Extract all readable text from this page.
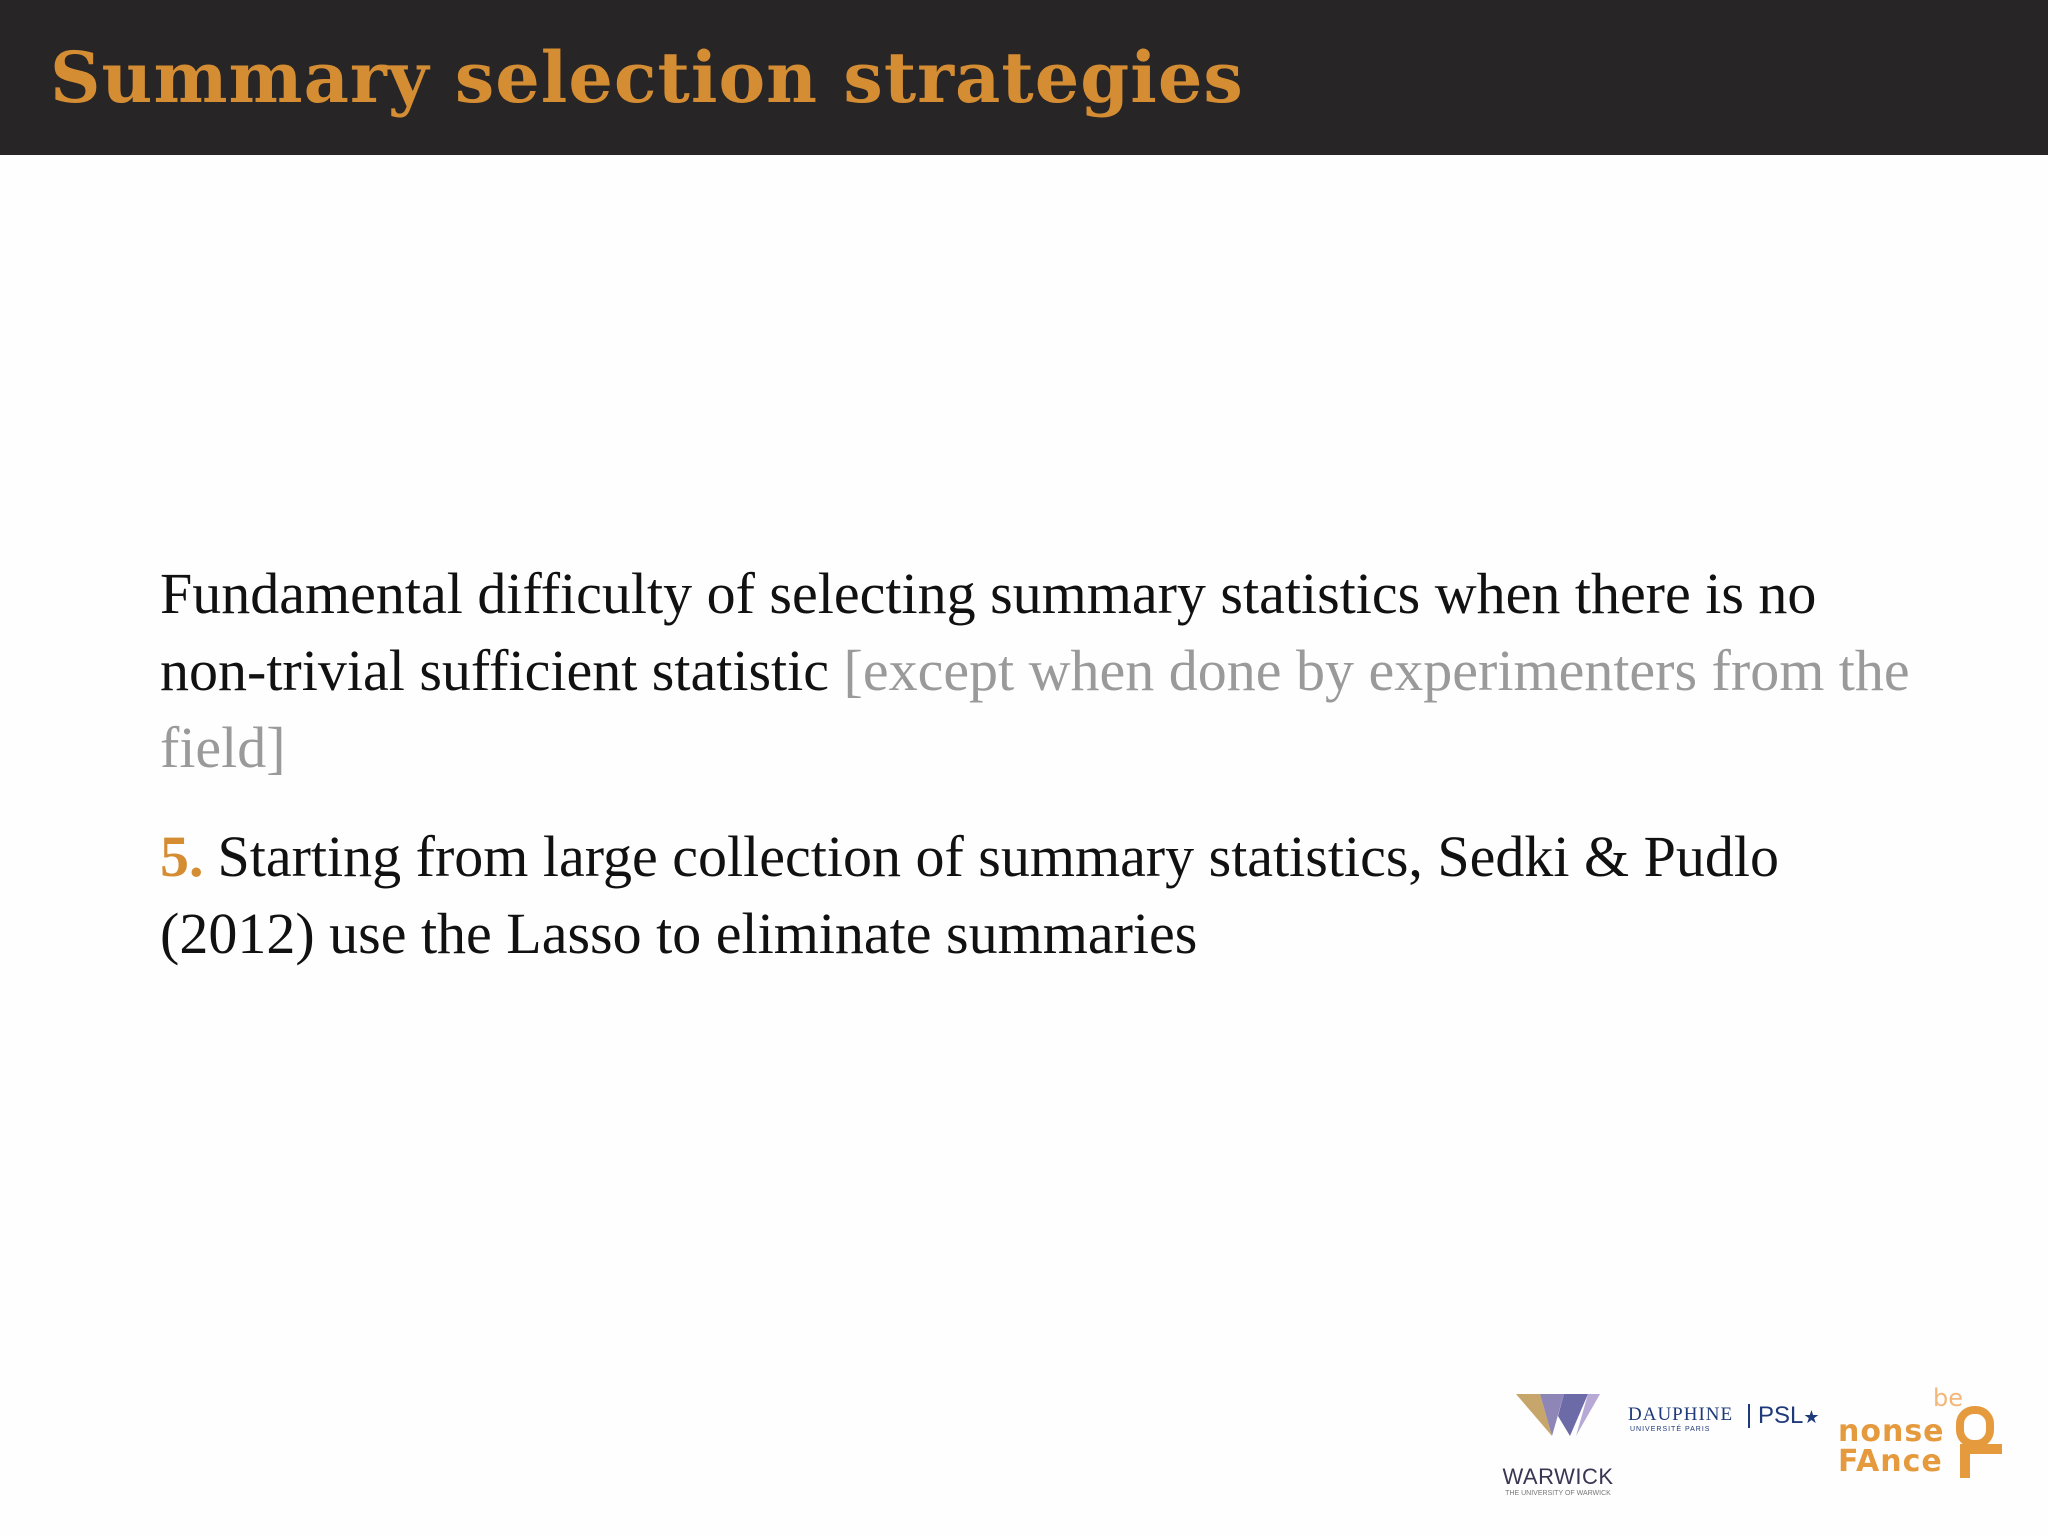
Summary selection strategies

Fundamental difficulty of selecting summary statistics when there is no non-trivial sufficient statistic [except when done by experimenters from the field]

5. Starting from large collection of summary statistics, Sedki & Pudlo (2012) use the Lasso to eliminate summaries

WARWICK
THE UNIVERSITY OF WARWICK
DAUPHINE
UNIVERSITÉ PARIS
PSL★
be
nonse
FAnce
